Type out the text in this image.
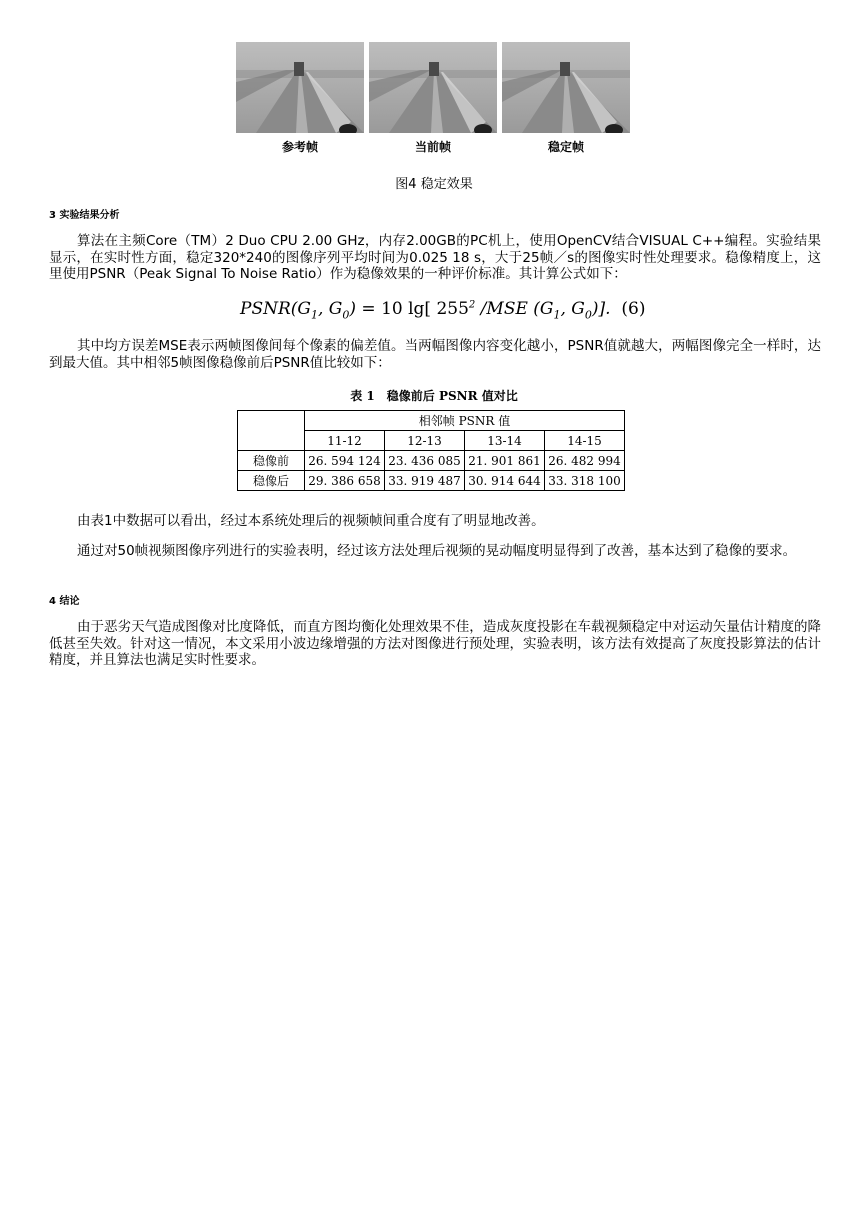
参考帧	当前帧	稳定帧
图4 稳定效果
3 实验结果分析
算法在主频Core（TM）2 Duo CPU 2.00 GHz，内存2.00GB的PC机上，使用OpenCV结合VISUAL C++编程。实验结果显示，在实时性方面，稳定320*240的图像序列平均时间为0.025 18 s，大于25帧／s的图像实时性处理要求。稳像精度上，这里使用PSNR（Peak Signal To Noise Ratio）作为稳像效果的一种评价标准。其计算公式如下：
$PSNR(G_1$, $G_0) = 10$ lg[ $255^2$ /MSE ($G_1$, $G_0$)]. (6)
其中均方误差MSE表示两帧图像间每个像素的偏差值。当两幅图像内容变化越小，PSNR值就越大，两幅图像完全一样时，达到最大值。其中相邻5帧图像稳像前后PSNR值比较如下：
表 1　稳像前后 PSNR 值对比
	相邻帧 PSNR 值			
	11-12	12-13	13-14	14-15
稳像前	26. 594 124	23. 436 085	21. 901 861	26. 482 994
稳像后	29. 386 658	33. 919 487	30. 914 644	33. 318 100
由表1中数据可以看出，经过本系统处理后的视频帧间重合度有了明显地改善。
通过对50帧视频图像序列进行的实验表明，经过该方法处理后视频的晃动幅度明显得到了改善，基本达到了稳像的要求。
4 结论
由于恶劣天气造成图像对比度降低，而直方图均衡化处理效果不佳，造成灰度投影在车载视频稳定中对运动矢量估计精度的降低甚至失效。针对这一情况，本文采用小波边缘增强的方法对图像进行预处理，实验表明，该方法有效提高了灰度投影算法的估计精度，并且算法也满足实时性要求。
